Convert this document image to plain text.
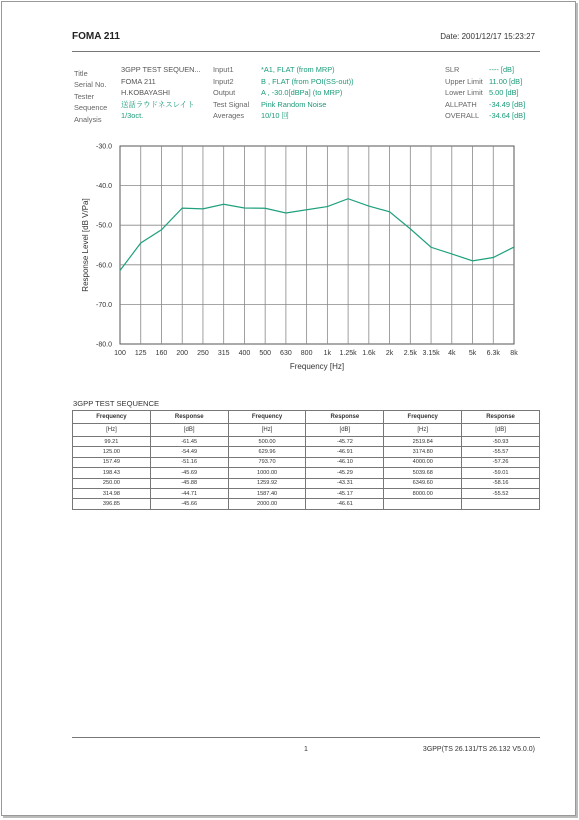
FOMA 211	Date: 2001/12/17 15:23:27
Title	3GPP TEST SEQUEN...
Serial No. FOMA 211
Tester	H.KOBAYASHI
Sequence 送話ラウドネスレイト
Analysis	1/3oct.
Input1	*A1, FLAT (from MRP)
Input2	B , FLAT (from POI(SS-out))
Output	A , -30.0[dBPa] (to MRP)
Test Signal Pink Random Noise
Averages 10/10 回
SLR	---- [dB]
Upper Limit 11.00 [dB]
Lower Limit 5.00 [dB]
ALLPATH -34.49 [dB]
OVERALL -34.64 [dB]
-30.0
-40.0
-50.0
-60.0
-70.0
-80.0
100 125 160 200 250 315 400 500 630 800 1k 1.25k 1.6k 2k 2.5k 3.15k 4k 5k 6.3k 8k
Frequency [Hz]
Response Level [dB V/Pa]
3GPP TEST SEQUENCE
Frequency	Response	Frequency	Response	Frequency	Response
[Hz]	[dB]	[Hz]	[dB]	[Hz]	[dB]
99.21	-61.45	500.00	-45.72	2519.84	-50.93
125.00	-54.49	629.96	-46.91	3174.80	-55.57
157.49	-51.16	793.70	-46.10	4000.00	-57.26
198.43	-45.69	1000.00	-45.29	5039.68	-59.01
250.00	-45.88	1259.92	-43.31	6349.60	-58.16
314.98	-44.71	1587.40	-45.17	8000.00	-55.52
396.85	-45.66	2000.00	-46.61		
1	3GPP(TS 26.131/TS 26.132 V5.0.0)
